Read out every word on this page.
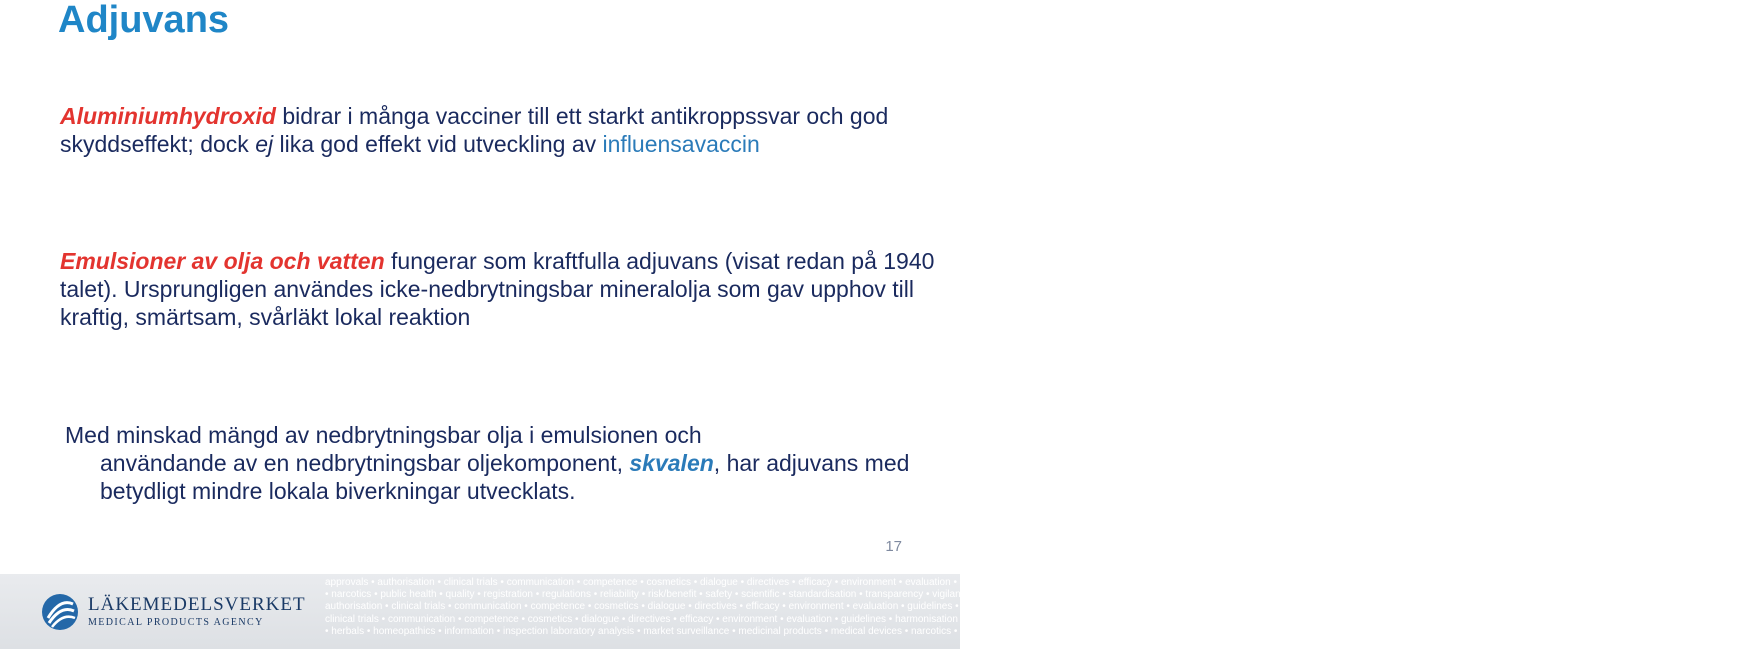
Adjuvans
Aluminiumhydroxid bidrar i många vacciner till ett starkt antikroppssvar och god skyddseffekt; dock ej lika god effekt vid utveckling av influensavaccin
Emulsioner av olja och vatten fungerar som kraftfulla adjuvans (visat redan på 1940 talet). Ursprungligen användes icke-nedbrytningsbar mineralolja som gav upphov till kraftig, smärtsam, svårläkt lokal reaktion
Med minskad mängd av nedbrytningsbar olja i emulsionen och
användande av en nedbrytningsbar oljekomponent, skvalen, har adjuvans med betydligt mindre lokala biverkningar utvecklats.
17
LÄKEMEDELSVERKET
MEDICAL PRODUCTS AGENCY
approvals • authorisation • clinical trials • communication • competence • cosmetics • dialogue • directives • efficacy • environment • evaluation • guidelines • harmonisation • health economics • herbals • homeopathics • information • inspection laboratory analysis • market surveillance • medicinal products • medical devices
• narcotics • public health • quality • registration • regulations • reliability • risk/benefit • safety • scientific • standardisation • transparency • vigilance • approvals
authorisation • clinical trials • communication • competence • cosmetics • dialogue • directives • efficacy • environment • evaluation • guidelines • harmonisation •
clinical trials • communication • competence • cosmetics • dialogue • directives • efficacy • environment • evaluation • guidelines • harmonisation • health economics
• herbals • homeopathics • information • inspection laboratory analysis • market surveillance • medicinal products • medical devices • narcotics • public health
